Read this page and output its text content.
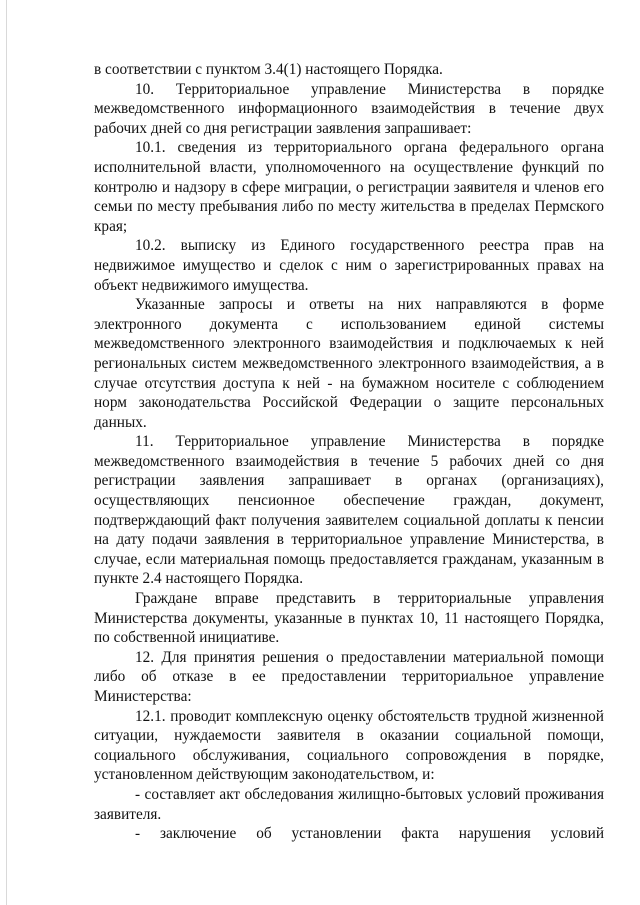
в соответствии с пунктом 3.4(1) настоящего Порядка.

10. Территориальное управление Министерства в порядке межведомственного информационного взаимодействия в течение двух рабочих дней со дня регистрации заявления запрашивает:

10.1. сведения из территориального органа федерального органа исполнительной власти, уполномоченного на осуществление функций по контролю и надзору в сфере миграции, о регистрации заявителя и членов его семьи по месту пребывания либо по месту жительства в пределах Пермского края;

10.2. выписку из Единого государственного реестра прав на недвижимое имущество и сделок с ним о зарегистрированных правах на объект недвижимого имущества.

Указанные запросы и ответы на них направляются в форме электронного документа с использованием единой системы межведомственного электронного взаимодействия и подключаемых к ней региональных систем межведомственного электронного взаимодействия, а в случае отсутствия доступа к ней - на бумажном носителе с соблюдением норм законодательства Российской Федерации о защите персональных данных.

11. Территориальное управление Министерства в порядке межведомственного взаимодействия в течение 5 рабочих дней со дня регистрации заявления запрашивает в органах (организациях), осуществляющих пенсионное обеспечение граждан, документ, подтверждающий факт получения заявителем социальной доплаты к пенсии на дату подачи заявления в территориальное управление Министерства, в случае, если материальная помощь предоставляется гражданам, указанным в пункте 2.4 настоящего Порядка.

Граждане вправе представить в территориальные управления Министерства документы, указанные в пунктах 10, 11 настоящего Порядка, по собственной инициативе.

12. Для принятия решения о предоставлении материальной помощи либо об отказе в ее предоставлении территориальное управление Министерства:

12.1. проводит комплексную оценку обстоятельств трудной жизненной ситуации, нуждаемости заявителя в оказании социальной помощи, социального обслуживания, социального сопровождения в порядке, установленном действующим законодательством, и:

- составляет акт обследования жилищно-бытовых условий проживания заявителя.

- заключение об установлении факта нарушения условий
